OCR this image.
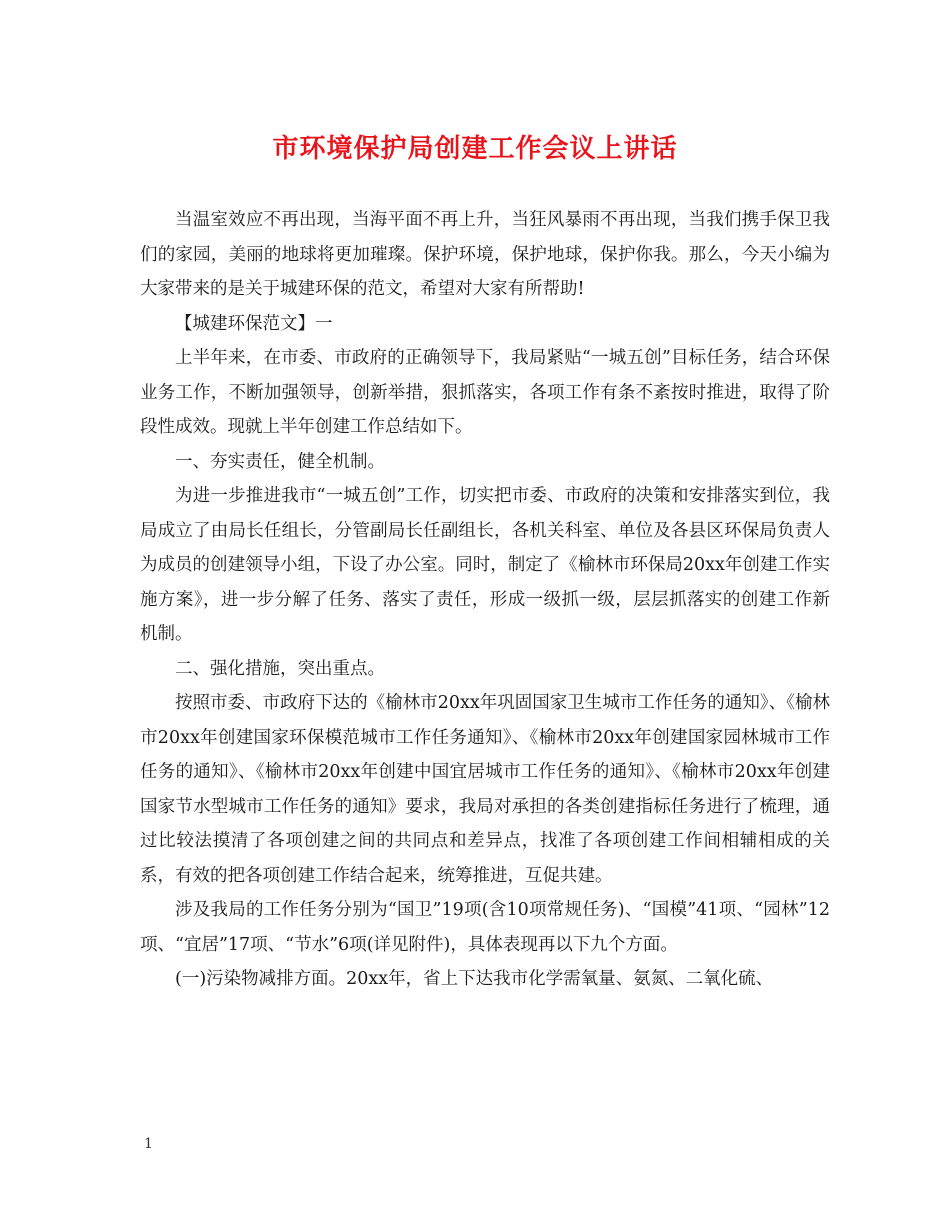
市环境保护局创建工作会议上讲话

当温室效应不再出现，当海平面不再上升，当狂风暴雨不再出现，当我们携手保卫我们的家园，美丽的地球将更加璀璨。保护环境，保护地球，保护你我。那么，今天小编为大家带来的是关于城建环保的范文，希望对大家有所帮助!

【城建环保范文】一

上半年来，在市委、市政府的正确领导下，我局紧贴“一城五创”目标任务，结合环保业务工作，不断加强领导，创新举措，狠抓落实，各项工作有条不紊按时推进，取得了阶段性成效。现就上半年创建工作总结如下。

一、夯实责任，健全机制。

为进一步推进我市“一城五创”工作，切实把市委、市政府的决策和安排落实到位，我局成立了由局长任组长，分管副局长任副组长，各机关科室、单位及各县区环保局负责人为成员的创建领导小组，下设了办公室。同时，制定了《榆林市环保局20xx年创建工作实施方案》，进一步分解了任务、落实了责任，形成一级抓一级，层层抓落实的创建工作新机制。

二、强化措施，突出重点。

按照市委、市政府下达的《榆林市20xx年巩固国家卫生城市工作任务的通知》、《榆林市20xx年创建国家环保模范城市工作任务通知》、《榆林市20xx年创建国家园林城市工作任务的通知》、《榆林市20xx年创建中国宜居城市工作任务的通知》、《榆林市20xx年创建国家节水型城市工作任务的通知》要求，我局对承担的各类创建指标任务进行了梳理，通过比较法摸清了各项创建之间的共同点和差异点，找准了各项创建工作间相辅相成的关系，有效的把各项创建工作结合起来，统筹推进，互促共建。

涉及我局的工作任务分别为“国卫”19项(含10项常规任务)、“国模”41项、“园林”12项、“宜居”17项、“节水”6项(详见附件)，具体表现再以下九个方面。

(一)污染物减排方面。20xx年，省上下达我市化学需氧量、氨氮、二氧化硫、

1
